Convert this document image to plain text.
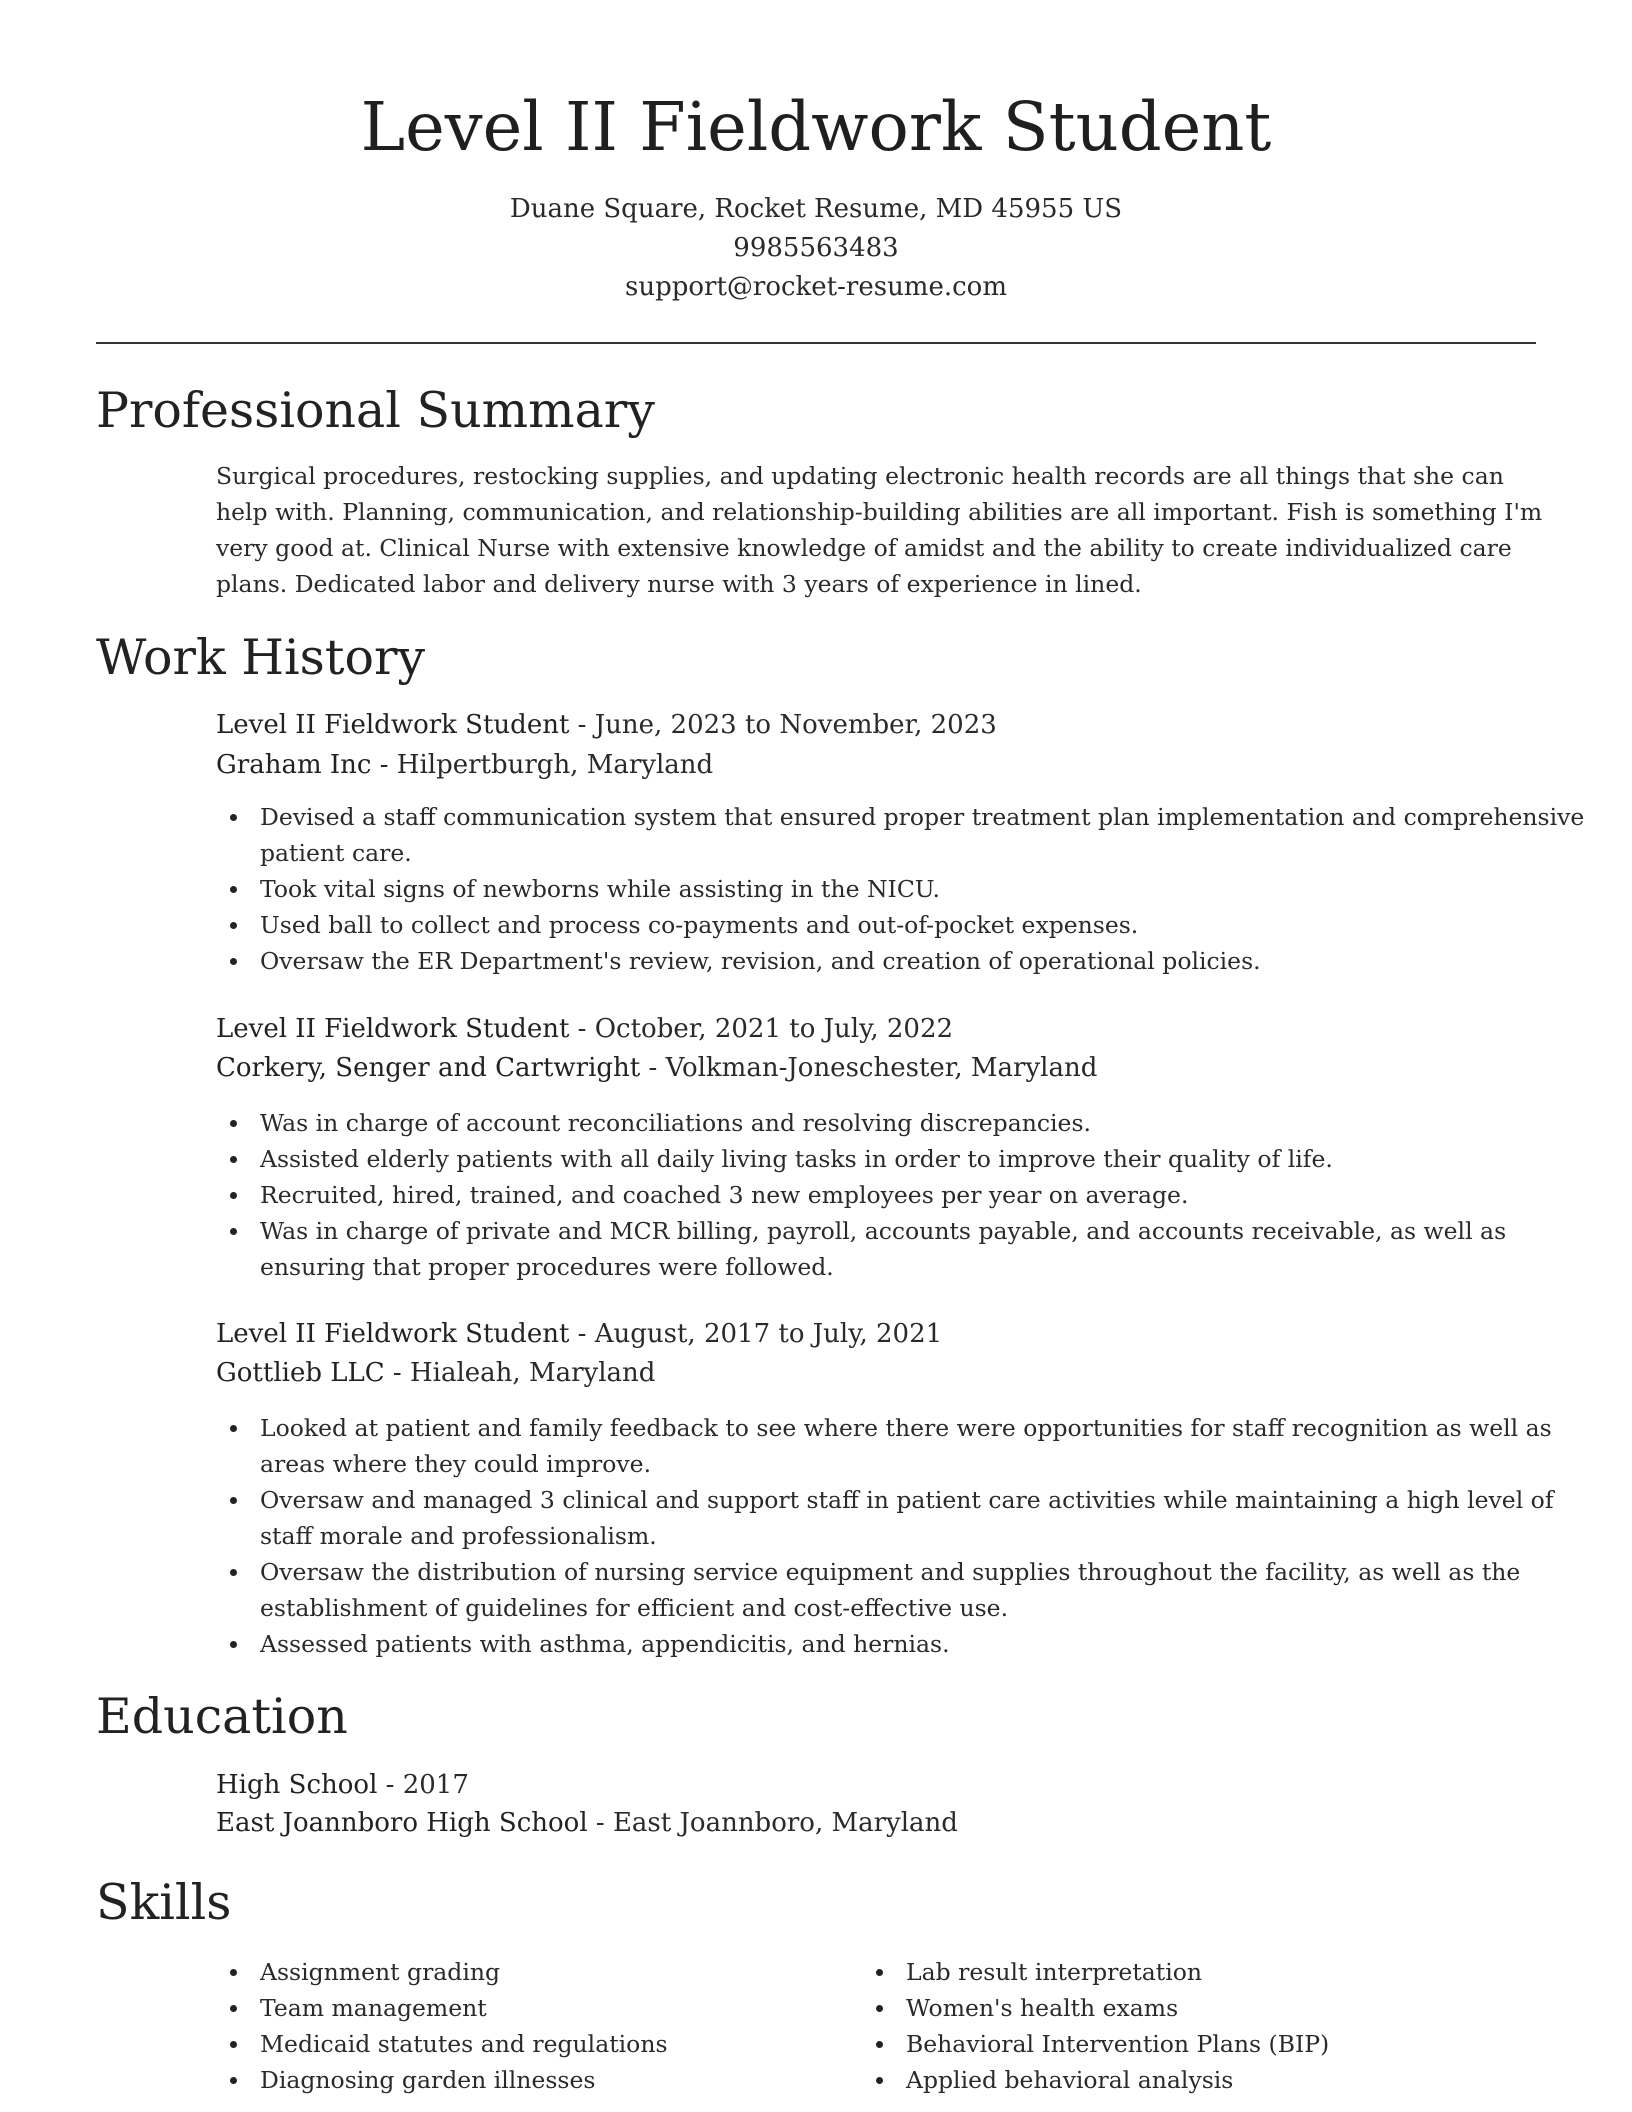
Level II Fieldwork Student
Duane Square, Rocket Resume, MD 45955 US
9985563483
support@rocket-resume.com
Professional Summary

Surgical procedures, restocking supplies, and updating electronic health records are all things that she can help with. Planning, communication, and relationship-building abilities are all important. Fish is something I'm very good at. Clinical Nurse with extensive knowledge of amidst and the ability to create individualized care plans. Dedicated labor and delivery nurse with 3 years of experience in lined.

Work History
Level II Fieldwork Student - June, 2023 to November, 2023
Graham Inc - Hilpertburgh, Maryland
Devised a staff communication system that ensured proper treatment plan implementation and comprehensive patient care.
Took vital signs of newborns while assisting in the NICU.
Used ball to collect and process co-payments and out-of-pocket expenses.
Oversaw the ER Department's review, revision, and creation of operational policies.
Level II Fieldwork Student - October, 2021 to July, 2022
Corkery, Senger and Cartwright - Volkman-Joneschester, Maryland
Was in charge of account reconciliations and resolving discrepancies.
Assisted elderly patients with all daily living tasks in order to improve their quality of life.
Recruited, hired, trained, and coached 3 new employees per year on average.
Was in charge of private and MCR billing, payroll, accounts payable, and accounts receivable, as well as ensuring that proper procedures were followed.
Level II Fieldwork Student - August, 2017 to July, 2021
Gottlieb LLC - Hialeah, Maryland
Looked at patient and family feedback to see where there were opportunities for staff recognition as well as areas where they could improve.
Oversaw and managed 3 clinical and support staff in patient care activities while maintaining a high level of staff morale and professionalism.
Oversaw the distribution of nursing service equipment and supplies throughout the facility, as well as the establishment of guidelines for efficient and cost-effective use.
Assessed patients with asthma, appendicitis, and hernias.
Education
High School - 2017
East Joannboro High School - East Joannboro, Maryland
Skills
Assignment grading
Team management
Medicaid statutes and regulations
Diagnosing garden illnesses
Lab result interpretation
Women's health exams
Behavioral Intervention Plans (BIP)
Applied behavioral analysis
